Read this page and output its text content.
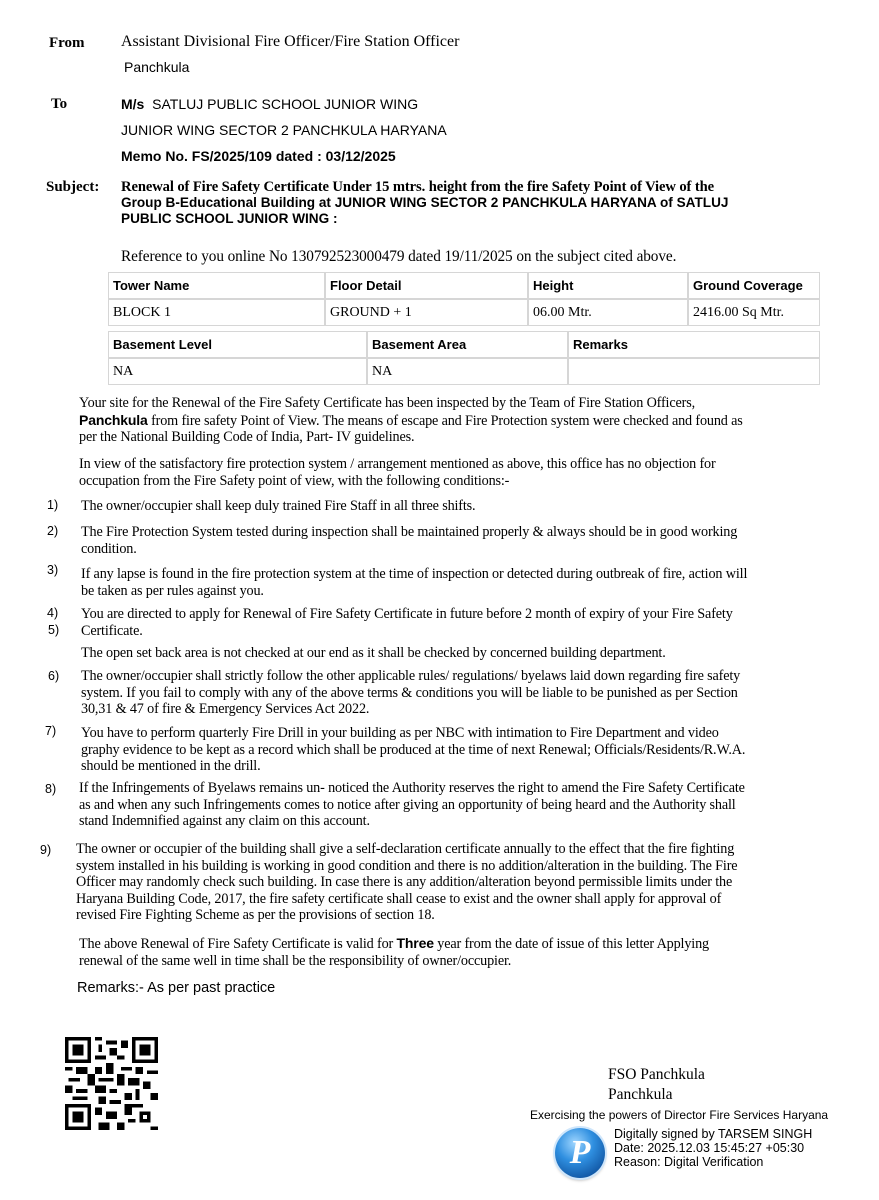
From Assistant Divisional Fire Officer/Fire Station Officer
Panchkula
To	M/s SATLUJ PUBLIC SCHOOL JUNIOR WING
JUNIOR WING SECTOR 2 PANCHKULA HARYANA
Memo No. FS/2025/109 dated : 03/12/2025
Subject: Renewal of Fire Safety Certificate Under 15 mtrs. height from the fire Safety Point of View of the
Group B-Educational Building at JUNIOR WING SECTOR 2 PANCHKULA HARYANA of SATLUJ
PUBLIC SCHOOL JUNIOR WING :
Reference to you online No 130792523000479 dated 19/11/2025 on the subject cited above.
Tower Name	Floor Detail	Height	Ground Coverage
BLOCK 1	GROUND + 1	06.00 Mtr.	2416.00 Sq Mtr.
Basement Level	Basement Area	Remarks
NA	NA	
Your site for the Renewal of the Fire Safety Certificate has been inspected by the Team of Fire Station Officers,
Panchkula from fire safety Point of View. The means of escape and Fire Protection system were checked and found as
per the National Building Code of India, Part- IV guidelines.
In view of the satisfactory fire protection system / arrangement mentioned as above, this office has no objection for
occupation from the Fire Safety point of view, with the following conditions:-
1) The owner/occupier shall keep duly trained Fire Staff in all three shifts.
2) The Fire Protection System tested during inspection shall be maintained properly & always should be in good working
condition.
3) If any lapse is found in the fire protection system at the time of inspection or detected during outbreak of fire, action will
be taken as per rules against you.
4) You are directed to apply for Renewal of Fire Safety Certificate in future before 2 month of expiry of your Fire Safety
Certificate.
5)
The open set back area is not checked at our end as it shall be checked by concerned building department.
6) The owner/occupier shall strictly follow the other applicable rules/ regulations/ byelaws laid down regarding fire safety
system. If you fail to comply with any of the above terms & conditions you will be liable to be punished as per Section
30,31 & 47 of fire & Emergency Services Act 2022.
7) You have to perform quarterly Fire Drill in your building as per NBC with intimation to Fire Department and video
graphy evidence to be kept as a record which shall be produced at the time of next Renewal; Officials/Residents/R.W.A.
should be mentioned in the drill.
8) If the Infringements of Byelaws remains un- noticed the Authority reserves the right to amend the Fire Safety Certificate
as and when any such Infringements comes to notice after giving an opportunity of being heard and the Authority shall
stand Indemnified against any claim on this account.
9) The owner or occupier of the building shall give a self-declaration certificate annually to the effect that the fire fighting
system installed in his building is working in good condition and there is no addition/alteration in the building. The Fire
Officer may randomly check such building. In case there is any addition/alteration beyond permissible limits under the
Haryana Building Code, 2017, the fire safety certificate shall cease to exist and the owner shall apply for approval of
revised Fire Fighting Scheme as per the provisions of section 18.
The above Renewal of Fire Safety Certificate is valid for Three year from the date of issue of this letter Applying
renewal of the same well in time shall be the responsibility of owner/occupier.
Remarks:- As per past practice
FSO Panchkula
Panchkula
Exercising the powers of Director Fire Services Haryana
P	Digitally signed by TARSEM SINGH
Date: 2025.12.03 15:45:27 +05:30
Reason: Digital Verification
